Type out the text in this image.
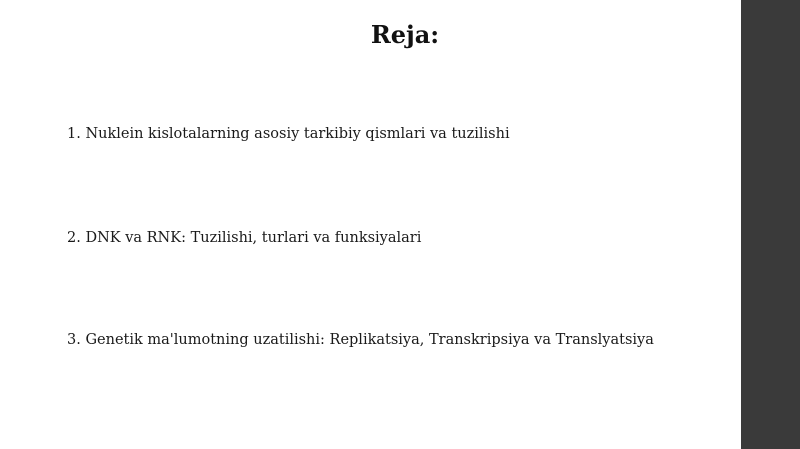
Reja:
1. Nuklein kislotalarning asosiy tarkibiy qismlari va tuzilishi
2. DNK va RNK: Tuzilishi, turlari va funksiyalari
3. Genetik ma'lumotning uzatilishi: Replikatsiya, Transkripsiya va Translyatsiya
